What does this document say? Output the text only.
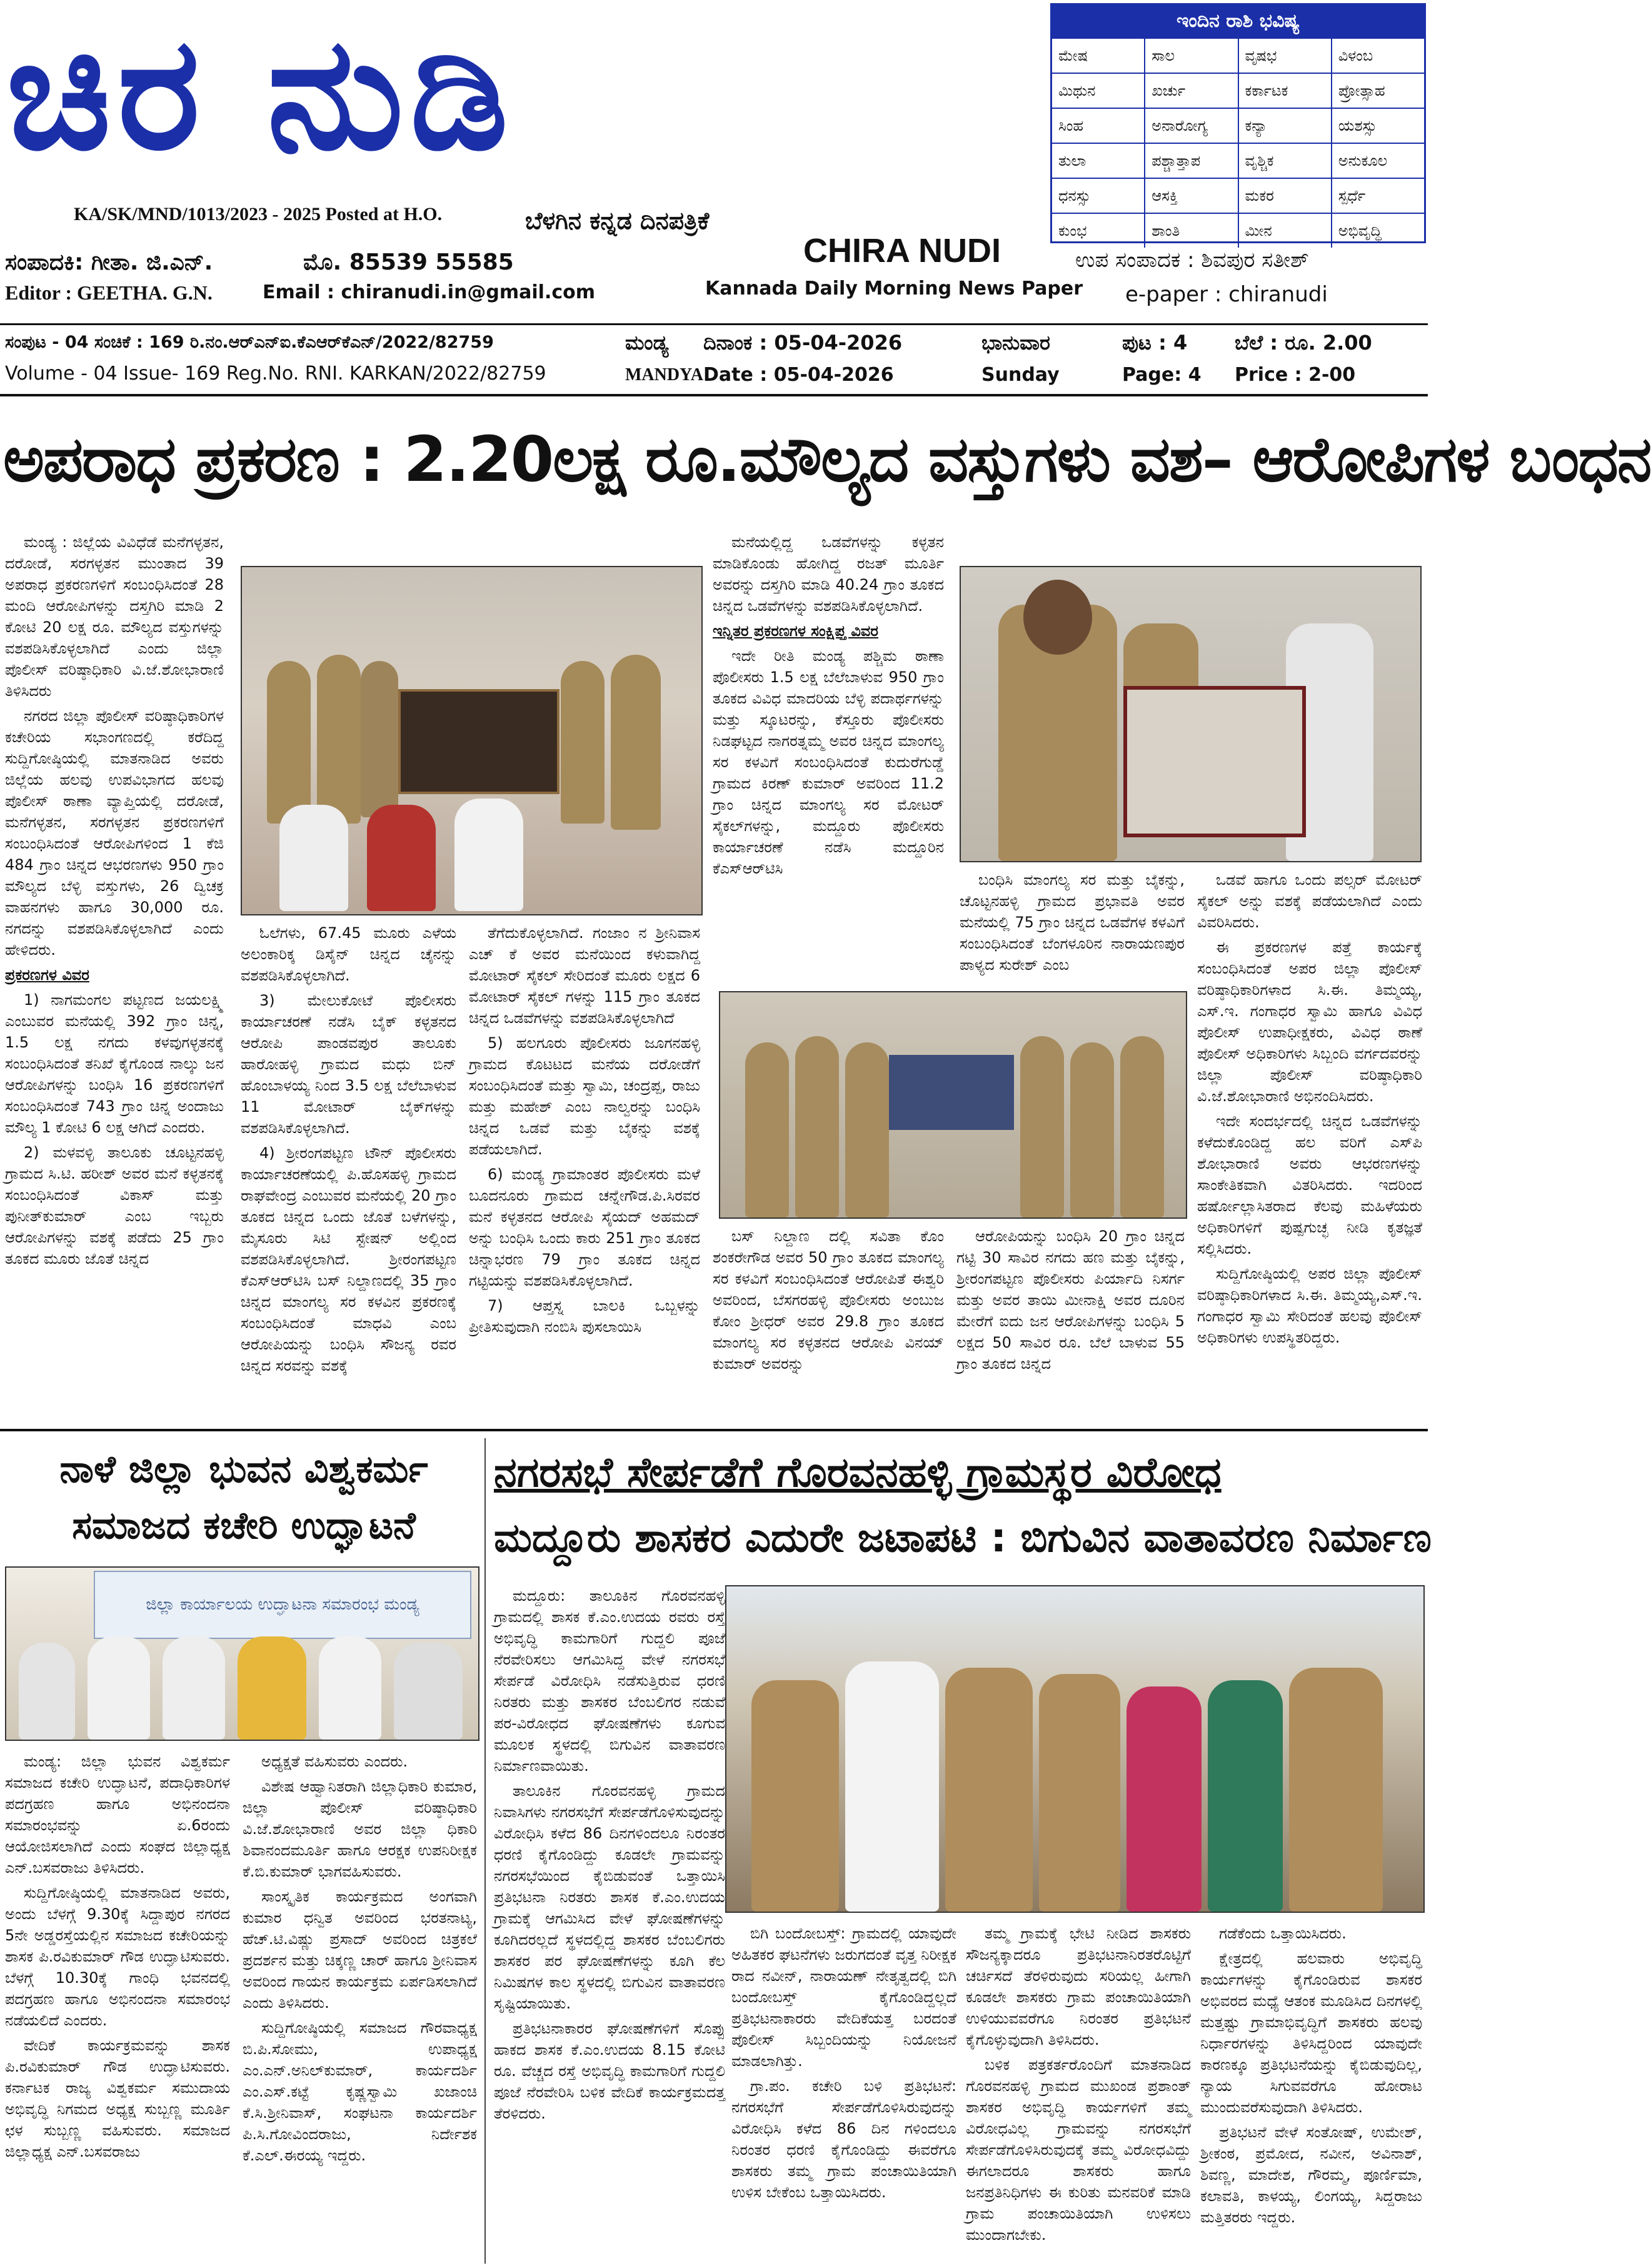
ಚಿರ ನುಡಿ
KA/SK/MND/1013/2023 - 2025 Posted at H.O.	ಬೆಳಗಿನ ಕನ್ನಡ ದಿನಪತ್ರಿಕೆ
ಸಂಪಾದಕಿ: ಗೀತಾ. ಜಿ.ಎನ್.	ಮೊ. 85539 55585
Editor : GEETHA. G.N.	Email : chiranudi.in@gmail.com
CHIRA NUDI
Kannada Daily Morning News Paper
ಉಪ ಸಂಪಾದಕ : ಶಿವಪುರ ಸತೀಶ್
e-paper : chiranudi
ಇಂದಿನ ರಾಶಿ ಭವಿಷ್ಯ
ಮೇಷ	ಸಾಲ	ವೃಷಭ	ವಿಳಂಬ
ಮಿಥುನ	ಖರ್ಚು	ಕರ್ಕಾಟಕ	ಪ್ರೋತ್ಸಾಹ
ಸಿಂಹ	ಅನಾರೋಗ್ಯ	ಕನ್ಯಾ	ಯಶಸ್ಸು
ತುಲಾ	ಪಶ್ಚಾತ್ತಾಪ	ವೃಶ್ಚಿಕ	ಅನುಕೂಲ
ಧನಸ್ಸು	ಆಸಕ್ತಿ	ಮಕರ	ಸ್ಪರ್ಧೆ
ಕುಂಭ	ಶಾಂತಿ	ಮೀನ	ಅಭಿವೃದ್ಧಿ
ಸಂಪುಟ - 04 ಸಂಚಿಕೆ : 169 ರಿ.ನಂ.ಆರ್‌ಎನ್‌ಐ.ಕೆಎಆರ್‌ಕೆಎನ್/2022/82759
Volume - 04 Issue- 169 Reg.No. RNI. KARKAN/2022/82759
ಮಂಡ್ಯ
MANDYA
ದಿನಾಂಕ : 05-04-2026
Date : 05-04-2026
ಭಾನುವಾರ
Sunday
ಪುಟ : 4
Page: 4
ಬೆಲೆ : ರೂ. 2.00
Price : 2-00
ಅಪರಾಧ ಪ್ರಕರಣ : 2.20ಲಕ್ಷ ರೂ.ಮೌಲ್ಯದ ವಸ್ತುಗಳು ವಶ– ಆರೋಪಿಗಳ ಬಂಧನ

ಮಂಡ್ಯ : ಜಿಲ್ಲೆಯ ವಿವಿಧೆಡೆ ಮನೆಗಳ್ಳತನ, ದರೋಡೆ, ಸರಗಳ್ಳತನ ಮುಂತಾದ 39 ಅಪರಾಧ ಪ್ರಕರಣಗಳಿಗೆ ಸಂಬಂಧಿಸಿದಂತೆ 28 ಮಂದಿ ಆರೋಪಿಗಳನ್ನು ದಸ್ತಗಿರಿ ಮಾಡಿ 2 ಕೋಟಿ 20 ಲಕ್ಷ ರೂ. ಮೌಲ್ಯದ ವಸ್ತುಗಳನ್ನು ವಶಪಡಿಸಿಕೊಳ್ಳಲಾಗಿದೆ ಎಂದು ಜಿಲ್ಲಾ ಪೊಲೀಸ್ ವರಿಷ್ಠಾಧಿಕಾರಿ ವಿ.ಜೆ.ಶೋಭಾರಾಣಿ ತಿಳಿಸಿದರು

ನಗರದ ಜಿಲ್ಲಾ ಪೊಲೀಸ್ ವರಿಷ್ಠಾಧಿಕಾರಿಗಳ ಕಚೇರಿಯ ಸಭಾಂಗಣದಲ್ಲಿ ಕರೆದಿದ್ದ ಸುದ್ದಿಗೋಷ್ಠಿಯಲ್ಲಿ ಮಾತನಾಡಿದ ಅವರು ಜಿಲ್ಲೆಯ ಹಲವು ಉಪವಿಭಾಗದ ಹಲವು ಪೊಲೀಸ್ ಠಾಣಾ ವ್ಯಾಪ್ತಿಯಲ್ಲಿ ದರೋಡೆ, ಮನೆಗಳ್ಳತನ, ಸರಗಳ್ಳತನ ಪ್ರಕರಣಗಳಿಗೆ ಸಂಬಂಧಿಸಿದಂತೆ ಆರೋಪಿಗಳಿಂದ 1 ಕೆಜಿ 484 ಗ್ರಾಂ ಚಿನ್ನದ ಆಭರಣಗಳು 950 ಗ್ರಾಂ ಮೌಲ್ಯದ ಬೆಳ್ಳಿ ವಸ್ತುಗಳು, 26 ದ್ವಿಚಕ್ರ ವಾಹನಗಳು ಹಾಗೂ 30,000 ರೂ. ನಗದನ್ನು ವಶಪಡಿಸಿಕೊಳ್ಳಲಾಗಿದೆ ಎಂದು ಹೇಳಿದರು.

ಪ್ರಕರಣಗಳ ವಿವರ

1) ನಾಗಮಂಗಲ ಪಟ್ಟಣದ ಜಯಲಕ್ಷ್ಮಿ ಎಂಬುವರ ಮನೆಯಲ್ಲಿ 392 ಗ್ರಾಂ ಚಿನ್ನ, 1.5 ಲಕ್ಷ ನಗದು ಕಳವುಗಳ್ಳತನಕ್ಕೆ ಸಂಬಂಧಿಸಿದಂತೆ ತನಿಖೆ ಕೈಗೊಂಡ ನಾಲ್ಕು ಜನ ಆರೋಪಿಗಳನ್ನು ಬಂಧಿಸಿ 16 ಪ್ರಕರಣಗಳಿಗೆ ಸಂಬಂಧಿಸಿದಂತೆ 743 ಗ್ರಾಂ ಚಿನ್ನ ಅಂದಾಜು ಮೌಲ್ಯ 1 ಕೋಟಿ 6 ಲಕ್ಷ ಆಗಿದೆ ಎಂದರು.

2) ಮಳವಳ್ಳಿ ತಾಲೂಕು ಚೂಟ್ಟನಹಳ್ಳಿ ಗ್ರಾಮದ ಸಿ.ಟಿ. ಹರೀಶ್ ಅವರ ಮನೆ ಕಳ್ಳತನಕ್ಕೆ ಸಂಬಂಧಿಸಿದಂತೆ ವಿಕಾಸ್ ಮತ್ತು ಪುನೀತ್‌ಕುಮಾರ್ ಎಂಬ ಇಬ್ಬರು ಆರೋಪಿಗಳನ್ನು ವಶಕ್ಕೆ ಪಡೆದು 25 ಗ್ರಾಂ ತೂಕದ ಮೂರು ಜೊತೆ ಚಿನ್ನದ

ಓಲೆಗಳು, 67.45 ಮೂರು ಎಳೆಯ ಅಲಂಕಾರಿಕ್ಕ ಡಿಸೈನ್ ಚಿನ್ನದ ಚೈನನ್ನು ವಶಪಡಿಸಿಕೊಳ್ಳಲಾಗಿದೆ.

3) ಮೇಲುಕೋಟೆ ಪೊಲೀಸರು ಕಾರ್ಯಾಚರಣೆ ನಡೆಸಿ ಬೈಕ್ ಕಳ್ಳತನದ ಆರೋಪಿ ಪಾಂಡವಪುರ ತಾಲೂಕು ಹಾರೋಹಳ್ಳಿ ಗ್ರಾಮದ ಮಧು ಬಿನ್ ಹೊಂಬಾಳಯ್ಯ ನಿಂದ 3.5 ಲಕ್ಷ ಬೆಲೆಬಾಳುವ 11 ಮೋಟಾರ್ ಬೈಕ್‌ಗಳನ್ನು ವಶಪಡಿಸಿಕೊಳ್ಳಲಾಗಿದೆ.

4) ಶ್ರೀರಂಗಪಟ್ಟಣ ಟೌನ್ ಪೊಲೀಸರು ಕಾರ್ಯಾಚರಣೆಯಲ್ಲಿ ಪಿ.ಹೊಸಹಳ್ಳಿ ಗ್ರಾಮದ ರಾಘವೇಂದ್ರ ಎಂಬುವರ ಮನೆಯಲ್ಲಿ 20 ಗ್ರಾಂ ತೂಕದ ಚಿನ್ನದ ಒಂದು ಜೊತೆ ಬಳೆಗಳನ್ನು, ಮೈಸೂರು ಸಿಟಿ ಸ್ಟೇಷನ್ ಅಲ್ಲಿಂದ ವಶಪಡಿಸಿಕೊಳ್ಳಲಾಗಿದೆ. ಶ್ರೀರಂಗಪಟ್ಟಣ ಕೆಎಸ್‌ಆರ್‌ಟಿಸಿ ಬಸ್ ನಿಲ್ದಾಣದಲ್ಲಿ 35 ಗ್ರಾಂ ಚಿನ್ನದ ಮಾಂಗಲ್ಯ ಸರ ಕಳವಿನ ಪ್ರಕರಣಕ್ಕೆ ಸಂಬಂಧಿಸಿದಂತೆ ಮಾಧವಿ ಎಂಬ ಆರೋಪಿಯನ್ನು ಬಂಧಿಸಿ ಸೌಜನ್ಯ ರವರ ಚಿನ್ನದ ಸರವನ್ನು ವಶಕ್ಕೆ

ತೆಗೆದುಕೊಳ್ಳಲಾಗಿದೆ. ಗಂಜಾಂ ನ ಶ್ರೀನಿವಾಸ ಎಚ್ ಕೆ ಅವರ ಮನೆಯಿಂದ ಕಳುವಾಗಿದ್ದ ಮೋಟಾರ್ ಸೈಕಲ್ ಸೇರಿದಂತೆ ಮೂರು ಲಕ್ಷದ 6 ಮೋಟಾರ್ ಸೈಕಲ್ ಗಳನ್ನು 115 ಗ್ರಾಂ ತೂಕದ ಚಿನ್ನದ ಒಡವೆಗಳನ್ನು ವಶಪಡಿಸಿಕೊಳ್ಳಲಾಗಿದೆ

5) ಹಲಗೂರು ಪೊಲೀಸರು ಜೂಗನಹಳ್ಳಿ ಗ್ರಾಮದ ಕೊಟಟದ ಮನೆಯ ದರೋಡೆಗೆ ಸಂಬಂಧಿಸಿದಂತೆ ಮತ್ತು ಸ್ವಾಮಿ, ಚಂದ್ರಪ್ಪ, ರಾಜು ಮತ್ತು ಮಹೇಶ್ ಎಂಬ ನಾಲ್ವರನ್ನು ಬಂಧಿಸಿ ಚಿನ್ನದ ಒಡವೆ ಮತ್ತು ಬೈಕನ್ನು ವಶಕ್ಕೆ ಪಡೆಯಲಾಗಿದೆ.

6) ಮಂಡ್ಯ ಗ್ರಾಮಾಂತರ ಪೊಲೀಸರು ಮಳೆ ಬೂದನೂರು ಗ್ರಾಮದ ಚನ್ನೇಗೌಡ.ಪಿ.ಸಿರವರ ಮನೆ ಕಳ್ಳತನದ ಆರೋಪಿ ಸೈಯದ್ ಅಹಮದ್ ಅನ್ನು ಬಂಧಿಸಿ ಒಂದು ಕಾರು 251 ಗ್ರಾಂ ತೂಕದ ಚಿನ್ನಾಭರಣ 79 ಗ್ರಾಂ ತೂಕದ ಚಿನ್ನದ ಗಟ್ಟಿಯನ್ನು ವಶಪಡಿಸಿಕೊಳ್ಳಲಾಗಿದೆ.

7) ಆಪ್ತಸ್ನ ಬಾಲಕಿ ಒಬ್ಬಳನ್ನು ಪ್ರೀತಿಸುವುದಾಗಿ ನಂಬಿಸಿ ಪುಸಲಾಯಿಸಿ

ಮನೆಯಲ್ಲಿದ್ದ ಒಡವೆಗಳನ್ನು ಕಳ್ಳತನ ಮಾಡಿಕೊಂಡು ಹೋಗಿದ್ದ ರಜತ್ ಮೂರ್ತಿ ಅವರನ್ನು ದಸ್ತಗಿರಿ ಮಾಡಿ 40.24 ಗ್ರಾಂ ತೂಕದ ಚಿನ್ನದ ಒಡವೆಗಳನ್ನು ವಶಪಡಿಸಿಕೊಳ್ಳಲಾಗಿದೆ.

ಇನ್ನಿತರ ಪ್ರಕರಣಗಳ ಸಂಕ್ಷಿಪ್ತ ವಿವರ

ಇದೇ ರೀತಿ ಮಂಡ್ಯ ಪಶ್ಚಿಮ ಠಾಣಾ ಪೊಲೀಸರು 1.5 ಲಕ್ಷ ಬೆಲೆಬಾಳುವ 950 ಗ್ರಾಂ ತೂಕದ ವಿವಿಧ ಮಾದರಿಯ ಬೆಳ್ಳಿ ಪದಾರ್ಥಗಳನ್ನು ಮತ್ತು ಸ್ಕೂಟರನ್ನು, ಕೆಸ್ತೂರು ಪೊಲೀಸರು ನಿಡಘಟ್ಟದ ನಾಗರತ್ನಮ್ಮ ಅವರ ಚಿನ್ನದ ಮಾಂಗಲ್ಯ ಸರ ಕಳವಿಗೆ ಸಂಬಂಧಿಸಿದಂತೆ ಕುದುರೆಗುಡ್ಡೆ ಗ್ರಾಮದ ಕಿರಣ್ ಕುಮಾರ್ ಅವರಿಂದ 11.2 ಗ್ರಾಂ ಚಿನ್ನದ ಮಾಂಗಲ್ಯ ಸರ ಮೋಟರ್ ಸೈಕಲ್‌ಗಳನ್ನು, ಮದ್ದೂರು ಪೊಲೀಸರು ಕಾರ್ಯಾಚರಣೆ ನಡೆಸಿ ಮದ್ದೂರಿನ ಕೆಎಸ್‌ಆರ್‌ಟಿಸಿ

ಬಂಧಿಸಿ ಮಾಂಗಲ್ಯ ಸರ ಮತ್ತು ಬೈಕನ್ನು, ಚೊಟ್ಟನಹಳ್ಳಿ ಗ್ರಾಮದ ಪ್ರಭಾವತಿ ಅವರ ಮನೆಯಲ್ಲಿ 75 ಗ್ರಾಂ ಚಿನ್ನದ ಒಡವೆಗಳ ಕಳವಿಗೆ ಸಂಬಂಧಿಸಿದಂತೆ ಬೆಂಗಳೂರಿನ ನಾರಾಯಣಪುರ ಪಾಳ್ಯದ ಸುರೇಶ್ ಎಂಬ

ಬಸ್ ನಿಲ್ದಾಣ ದಲ್ಲಿ ಸವಿತಾ ಕೊಂ ಶಂಕರೇಗೌಡ ಅವರ 50 ಗ್ರಾಂ ತೂಕದ ಮಾಂಗಲ್ಯ ಸರ ಕಳವಿಗೆ ಸಂಬಂಧಿಸಿದಂತೆ ಆರೋಪಿತೆ ಈಶ್ವರಿ ಅವರಿಂದ, ಬೆಸಗರಹಳ್ಳಿ ಪೊಲೀಸರು ಅಂಬುಜ ಕೋಂ ಶ್ರೀಧರ್ ಅವರ 29.8 ಗ್ರಾಂ ತೂಕದ ಮಾಂಗಲ್ಯ ಸರ ಕಳ್ಳತನದ ಆರೋಪಿ ವಿನಯ್ ಕುಮಾರ್ ಅವರನ್ನು

ಆರೋಪಿಯನ್ನು ಬಂಧಿಸಿ 20 ಗ್ರಾಂ ಚಿನ್ನದ ಗಟ್ಟಿ 30 ಸಾವಿರ ನಗದು ಹಣ ಮತ್ತು ಬೈಕನ್ನು, ಶ್ರೀರಂಗಪಟ್ಟಣ ಪೊಲೀಸರು ಪಿರ್ಯಾದಿ ನಿಸರ್ಗ ಮತ್ತು ಅವರ ತಾಯಿ ಮೀನಾಕ್ಷಿ ಅವರ ದೂರಿನ ಮೇರೆಗೆ ಐದು ಜನ ಆರೋಪಿಗಳನ್ನು ಬಂಧಿಸಿ 5 ಲಕ್ಷದ 50 ಸಾವಿರ ರೂ. ಬೆಲೆ ಬಾಳುವ 55 ಗ್ರಾಂ ತೂಕದ ಚಿನ್ನದ

ಒಡವೆ ಹಾಗೂ ಒಂದು ಪಲ್ಸರ್ ಮೋಟರ್ ಸೈಕಲ್ ಅನ್ನು ವಶಕ್ಕೆ ಪಡೆಯಲಾಗಿದೆ ಎಂದು ವಿವರಿಸಿದರು.

ಈ ಪ್ರಕರಣಗಳ ಪತ್ತೆ ಕಾರ್ಯಕ್ಕೆ ಸಂಬಂಧಿಸಿದಂತೆ ಅಪರ ಜಿಲ್ಲಾ ಪೊಲೀಸ್ ವರಿಷ್ಠಾಧಿಕಾರಿಗಳಾದ ಸಿ.ಈ. ತಿಮ್ಮಯ್ಯ, ಎಸ್.ಇ. ಗಂಗಾಧರ ಸ್ವಾಮಿ ಹಾಗೂ ವಿವಿಧ ಪೊಲೀಸ್ ಉಪಾಧೀಕ್ಷಕರು, ವಿವಿಧ ಠಾಣೆ ಪೊಲೀಸ್ ಅಧಿಕಾರಿಗಳು ಸಿಬ್ಬಂದಿ ವರ್ಗದವರನ್ನು ಜಿಲ್ಲಾ ಪೊಲೀಸ್ ವರಿಷ್ಠಾಧಿಕಾರಿ ವಿ.ಜೆ.ಶೋಭಾರಾಣಿ ಅಭಿನಂದಿಸಿದರು.

ಇದೇ ಸಂದರ್ಭದಲ್ಲಿ ಚಿನ್ನದ ಒಡವೆಗಳನ್ನು ಕಳೆದುಕೊಂಡಿದ್ದ ಹಲ ವರಿಗೆ ಎಸ್‌ಪಿ ಶೋಭಾರಾಣಿ ಅವರು ಆಭರಣಗಳನ್ನು ಸಾಂಕೇತಿಕವಾಗಿ ವಿತರಿಸಿದರು. ಇದರಿಂದ ಹರ್ಷೋಲ್ಲಾಸಿತರಾದ ಕೆಲವು ಮಹಿಳೆಯರು ಅಧಿಕಾರಿಗಳಿಗೆ ಪುಷ್ಪಗುಚ್ಛ ನೀಡಿ ಕೃತಜ್ಞತೆ ಸಲ್ಲಿಸಿದರು.

ಸುದ್ದಿಗೋಷ್ಠಿಯಲ್ಲಿ ಅಪರ ಜಿಲ್ಲಾ ಪೊಲೀಸ್ ವರಿಷ್ಠಾಧಿಕಾರಿಗಳಾದ ಸಿ.ಈ. ತಿಮ್ಮಯ್ಯ,ಎಸ್.ಇ. ಗಂಗಾಧರ ಸ್ವಾಮಿ ಸೇರಿದಂತೆ ಹಲವು ಪೊಲೀಸ್ ಅಧಿಕಾರಿಗಳು ಉಪಸ್ಥಿತರಿದ್ದರು.

ನಾಳೆ ಜಿಲ್ಲಾ ಭುವನ ವಿಶ್ವಕರ್ಮ
ಸಮಾಜದ ಕಚೇರಿ ಉದ್ಘಾಟನೆ
ಜಿಲ್ಲಾ ಕಾರ್ಯಾಲಯ ಉದ್ಘಾಟನಾ ಸಮಾರಂಭ ಮಂಡ್ಯ

ಮಂಡ್ಯ: ಜಿಲ್ಲಾ ಭುವನ ವಿಶ್ವಕರ್ಮ ಸಮಾಜದ ಕಚೇರಿ ಉದ್ಘಾಟನೆ, ಪದಾಧಿಕಾರಿಗಳ ಪದಗ್ರಹಣ ಹಾಗೂ ಅಭಿನಂದನಾ ಸಮಾರಂಭವನ್ನು ಏ.6ರಂದು ಆಯೋಜಿಸಲಾಗಿದೆ ಎಂದು ಸಂಘದ ಜಿಲ್ಲಾಧ್ಯಕ್ಷ ಎನ್.ಬಸವರಾಜು ತಿಳಿಸಿದರು.

ಸುದ್ದಿಗೋಷ್ಠಿಯಲ್ಲಿ ಮಾತನಾಡಿದ ಅವರು, ಅಂದು ಬೆಳಗ್ಗೆ 9.30ಕ್ಕೆ ಸಿದ್ದಾಪುರ ನಗರದ 5ನೇ ಅಡ್ಡರಸ್ತೆಯಲ್ಲಿನ ಸಮಾಜದ ಕಚೇರಿಯನ್ನು ಶಾಸಕ ಪಿ.ರವಿಕುಮಾರ್ ಗೌಡ ಉದ್ಘಾಟಿಸುವರು. ಬೆಳಗ್ಗೆ 10.30ಕ್ಕೆ ಗಾಂಧಿ ಭವನದಲ್ಲಿ ಪದಗ್ರಹಣ ಹಾಗೂ ಅಭಿನಂದನಾ ಸಮಾರಂಭ ನಡೆಯಲಿದೆ ಎಂದರು.

ವೇದಿಕೆ ಕಾರ್ಯಕ್ರಮವನ್ನು ಶಾಸಕ ಪಿ.ರವಿಕುಮಾರ್ ಗೌಡ ಉದ್ಘಾಟಿಸುವರು. ಕರ್ನಾಟಕ ರಾಜ್ಯ ವಿಶ್ವಕರ್ಮ ಸಮುದಾಯ ಅಭಿವೃದ್ಧಿ ನಿಗಮದ ಅಧ್ಯಕ್ಷ ಸುಬ್ಬಣ್ಣ ಮೂರ್ತಿ ಛಳ ಸುಬ್ಬಣ್ಣ ವಹಿಸುವರು. ಸಮಾಜದ ಜಿಲ್ಲಾಧ್ಯಕ್ಷ ಎನ್.ಬಸವರಾಜು

ಅಧ್ಯಕ್ಷತೆ ವಹಿಸುವರು ಎಂದರು.

ವಿಶೇಷ ಆಹ್ವಾನಿತರಾಗಿ ಜಿಲ್ಲಾಧಿಕಾರಿ ಕುಮಾರ, ಜಿಲ್ಲಾ ಪೊಲೀಸ್ ವರಿಷ್ಠಾಧಿಕಾರಿ ವಿ.ಜೆ.ಶೋಭಾರಾಣಿ ಅವರ ಜಿಲ್ಲಾ ಧಿಕಾರಿ ಶಿವಾನಂದಮೂರ್ತಿ ಹಾಗೂ ಆರಕ್ಷಕ ಉಪನಿರೀಕ್ಷಕ ಕೆ.ಬಿ.ಕುಮಾರ್ ಭಾಗವಹಿಸುವರು.

ಸಾಂಸ್ಕೃತಿಕ ಕಾರ್ಯಕ್ರಮದ ಅಂಗವಾಗಿ ಕುಮಾರ ಧನ್ವಿತ ಅವರಿಂದ ಭರತನಾಟ್ಯ, ಹೆಚ್.ಟಿ.ವಿಷ್ಣು ಪ್ರಸಾದ್ ಅವರಿಂದ ಚಿತ್ರಕಲೆ ಪ್ರದರ್ಶನ ಮತ್ತು ಚಿಕ್ಕಣ್ಣ ಚಾರ್ ಹಾಗೂ ಶ್ರೀನಿವಾಸ ಅವರಿಂದ ಗಾಯನ ಕಾರ್ಯಕ್ರಮ ಏರ್ಪಡಿಸಲಾಗಿದೆ ಎಂದು ತಿಳಿಸಿದರು.

ಸುದ್ದಿಗೋಷ್ಠಿಯಲ್ಲಿ ಸಮಾಜದ ಗೌರವಾಧ್ಯಕ್ಷ ಬಿ.ಪಿ.ಸೋಮು, ಉಪಾಧ್ಯಕ್ಷ ಎಂ.ಎನ್.ಅನಿಲ್‌ಕುಮಾರ್, ಕಾರ್ಯದರ್ಶಿ ಎಂ.ಎಸ್.ಕಟ್ಟೆ ಕೃಷ್ಣಸ್ವಾಮಿ ಖಜಾಂಚಿ ಕೆ.ಸಿ.ಶ್ರೀನಿವಾಸ್, ಸಂಘಟನಾ ಕಾರ್ಯದರ್ಶಿ ಪಿ.ಸಿ.ಗೋವಿಂದರಾಜು, ನಿರ್ದೇಶಕ ಕೆ.ಎಲ್.ಈರಯ್ಯ ಇದ್ದರು.

ನಗರಸಭೆ ಸೇರ್ಪಡೆಗೆ ಗೊರವನಹಳ್ಳಿ ಗ್ರಾಮಸ್ಥರ ವಿರೋಧ
ಮದ್ದೂರು ಶಾಸಕರ ಎದುರೇ ಜಟಾಪಟಿ : ಬಿಗುವಿನ ವಾತಾವರಣ ನಿರ್ಮಾಣ

ಮದ್ದೂರು: ತಾಲೂಕಿನ ಗೊರವನಹಳ್ಳಿ ಗ್ರಾಮದಲ್ಲಿ ಶಾಸಕ ಕೆ.ಎಂ.ಉದಯ ರವರು ರಸ್ತೆ ಅಭಿವೃದ್ಧಿ ಕಾಮಗಾರಿಗೆ ಗುದ್ದಲಿ ಪೂಜೆ ನೆರವೇರಿಸಲು ಆಗಮಿಸಿದ್ದ ವೇಳೆ ನಗರಸಭೆ ಸೇರ್ಪಡೆ ವಿರೋಧಿಸಿ ನಡೆಸುತ್ತಿರುವ ಧರಣಿ ನಿರತರು ಮತ್ತು ಶಾಸಕರ ಬೆಂಬಲಿಗರ ನಡುವೆ ಪರ-ವಿರೋಧದ ಘೋಷಣೆಗಳು ಕೂಗುವ ಮೂಲಕ ಸ್ಥಳದಲ್ಲಿ ಬಿಗುವಿನ ವಾತಾವರಣ ನಿರ್ಮಾಣವಾಯಿತು.

ತಾಲೂಕಿನ ಗೊರವನಹಳ್ಳಿ ಗ್ರಾಮದ ನಿವಾಸಿಗಳು ನಗರಸಭೆಗೆ ಸೇರ್ಪಡೆಗೊಳಿಸುವುದನ್ನು ವಿರೋಧಿಸಿ ಕಳೆದ 86 ದಿನಗಳಿಂದಲೂ ನಿರಂತರ ಧರಣಿ ಕೈಗೊಂಡಿದ್ದು ಕೂಡಲೇ ಗ್ರಾಮವನ್ನು ನಗರಸಭೆಯಿಂದ ಕೈಬಿಡುವಂತೆ ಒತ್ತಾಯಿಸಿ ಪ್ರತಿಭಟನಾ ನಿರತರು ಶಾಸಕ ಕೆ.ಎಂ.ಉದಯ ಗ್ರಾಮಕ್ಕೆ ಆಗಮಿಸಿದ ವೇಳೆ ಘೋಷಣೆಗಳನ್ನು ಕೂಗಿದರಲ್ಲದೆ ಸ್ಥಳದಲ್ಲಿದ್ದ ಶಾಸಕರ ಬೆಂಬಲಿಗರು ಶಾಸಕರ ಪರ ಘೋಷಣೆಗಳನ್ನು ಕೂಗಿ ಕೆಲ ನಿಮಿಷಗಳ ಕಾಲ ಸ್ಥಳದಲ್ಲಿ ಬಿಗುವಿನ ವಾತಾವರಣ ಸೃಷ್ಟಿಯಾಯಿತು.

ಪ್ರತಿಭಟನಾಕಾರರ ಘೋಷಣೆಗಳಿಗೆ ಸೊಪ್ಪು ಹಾಕದ ಶಾಸಕ ಕೆ.ಎಂ.ಉದಯ 8.15 ಕೋಟಿ ರೂ. ವೆಚ್ಚದ ರಸ್ತೆ ಅಭಿವೃದ್ಧಿ ಕಾಮಗಾರಿಗೆ ಗುದ್ದಲಿ ಪೂಜೆ ನೆರವೇರಿಸಿ ಬಳಿಕ ವೇದಿಕೆ ಕಾರ್ಯಕ್ರಮದತ್ತ ತೆರಳಿದರು.

ಬಿಗಿ ಬಂದೋಬಸ್ತ್: ಗ್ರಾಮದಲ್ಲಿ ಯಾವುದೇ ಅಹಿತಕರ ಘಟನೆಗಳು ಜರುಗದಂತೆ ವೃತ್ತ ನಿರೀಕ್ಷಕ ರಾದ ನವೀನ್, ನಾರಾಯಣ್ ನೇತೃತ್ವದಲ್ಲಿ ಬಿಗಿ ಬಂದೋಬಸ್ತ್ ಕೈಗೊಂಡಿದ್ದಲ್ಲದೆ ಪ್ರತಿಭಟನಾಕಾರರು ವೇದಿಕೆಯತ್ತ ಬರದಂತೆ ಪೊಲೀಸ್ ಸಿಬ್ಬಂದಿಯನ್ನು ನಿಯೋಜನೆ ಮಾಡಲಾಗಿತ್ತು.

ಗ್ರಾ.ಪಂ. ಕಚೇರಿ ಬಳಿ ಪ್ರತಿಭಟನೆ: ನಗರಸಭೆಗೆ ಸೇರ್ಪಡೆಗೊಳಿಸಿರುವುದನ್ನು ವಿರೋಧಿಸಿ ಕಳೆದ 86 ದಿನ ಗಳಿಂದಲೂ ನಿರಂತರ ಧರಣಿ ಕೈಗೊಂಡಿದ್ದು ಈವರೆಗೂ ಶಾಸಕರು ತಮ್ಮ ಗ್ರಾಮ ಪಂಚಾಯಿತಿಯಾಗಿ ಉಳಿಸ ಬೇಕೆಂಬ ಒತ್ತಾಯಿಸಿದರು.

ತಮ್ಮ ಗ್ರಾಮಕ್ಕೆ ಭೇಟಿ ನೀಡಿದ ಶಾಸಕರು ಸೌಜನ್ಯಕ್ಕಾದರೂ ಪ್ರತಿಭಟನಾನಿರತರೊಟ್ಟಿಗೆ ಚರ್ಚಿಸದೆ ತೆರಳಿರುವುದು ಸರಿಯಲ್ಲ ಹೀಗಾಗಿ ಕೂಡಲೇ ಶಾಸಕರು ಗ್ರಾಮ ಪಂಚಾಯಿತಿಯಾಗಿ ಉಳಿಯುವವರೆಗೂ ನಿರಂತರ ಪ್ರತಿಭಟನೆ ಕೈಗೊಳ್ಳುವುದಾಗಿ ತಿಳಿಸಿದರು.

ಬಳಿಕ ಪತ್ರಕರ್ತರೊಂದಿಗೆ ಮಾತನಾಡಿದ ಗೊರವನಹಳ್ಳಿ ಗ್ರಾಮದ ಮುಖಂಡ ಪ್ರಶಾಂತ್ ಶಾಸಕರ ಅಭಿವೃದ್ಧಿ ಕಾರ್ಯಗಳಿಗೆ ತಮ್ಮ ವಿರೋಧವಿಲ್ಲ ಗ್ರಾಮವನ್ನು ನಗರಸಭೆಗೆ ಸೇರ್ಪಡೆಗೊಳಿಸಿರುವುದಕ್ಕೆ ತಮ್ಮ ವಿರೋಧವಿದ್ದು ಈಗಲಾದರೂ ಶಾಸಕರು ಹಾಗೂ ಜನಪ್ರತಿನಿಧಿಗಳು ಈ ಕುರಿತು ಮನವರಿಕೆ ಮಾಡಿ ಗ್ರಾಮ ಪಂಚಾಯಿತಿಯಾಗಿ ಉಳಿಸಲು ಮುಂದಾಗಬೇಕು.

ಗಡೆಕೆಂದು ಒತ್ತಾಯಿಸಿದರು.

ಕ್ಷೇತ್ರದಲ್ಲಿ ಹಲವಾರು ಅಭಿವೃದ್ಧಿ ಕಾರ್ಯಗಳನ್ನು ಕೈಗೊಂಡಿರುವ ಶಾಸಕರ ಅಭಿವರದ ಮಧ್ಯೆ ಆತಂಕ ಮೂಡಿಸಿದ ದಿನಗಳಲ್ಲಿ ಮತ್ತಷ್ಟು ಗ್ರಾಮಾಭಿವೃದ್ಧಿಗೆ ಶಾಸಕರು ಹಲವು ನಿರ್ಧಾರಗಳನ್ನು ತಿಳಿಸಿದ್ದರಿಂದ ಯಾವುದೇ ಕಾರಣಕ್ಕೂ ಪ್ರತಿಭಟನೆಯನ್ನು ಕೈಬಿಡುವುದಿಲ್ಲ, ನ್ಯಾಯ ಸಿಗುವವರೆಗೂ ಹೋರಾಟ ಮುಂದುವರೆಸುವುದಾಗಿ ತಿಳಿಸಿದರು.

ಪ್ರತಿಭಟನೆ ವೇಳೆ ಸಂತೋಷ್, ಉಮೇಶ್, ಶ್ರೀಕಂಠ, ಪ್ರಮೋದ, ನವೀನ, ಅವಿನಾಶ್, ಶಿವಣ್ಣ, ಮಾದೇಶ, ಗೌರಮ್ಮ, ಪೂರ್ಣಿಮಾ, ಕಲಾವತಿ, ಕಾಳಯ್ಯ, ಲಿಂಗಯ್ಯ, ಸಿದ್ದರಾಜು ಮತ್ತಿತರರು ಇದ್ದರು.
